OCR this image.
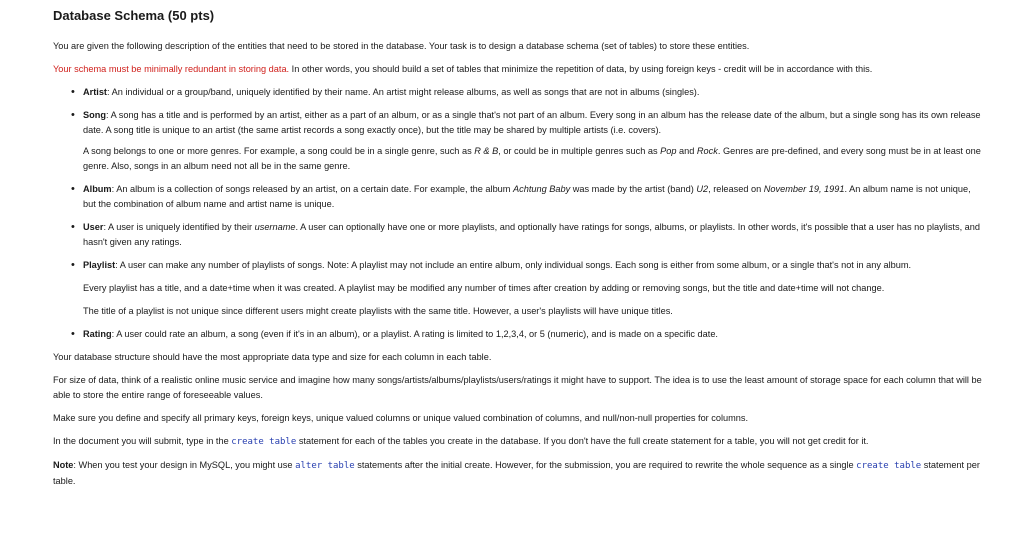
Database Schema (50 pts)

You are given the following description of the entities that need to be stored in the database. Your task is to design a database schema (set of tables) to store these entities.

Your schema must be minimally redundant in storing data. In other words, you should build a set of tables that minimize the repetition of data, by using foreign keys - credit will be in accordance with this.

• Artist: An individual or a group/band, uniquely identified by their name. An artist might release albums, as well as songs that are not in albums (singles).
• Song: A song has a title and is performed by an artist, either as a part of an album, or as a single that's not part of an album. Every song in an album has the release date of the album, but a single song has its own release date. A song title is unique to an artist (the same artist records a song exactly once), but the title may be shared by multiple artists (i.e. covers).

A song belongs to one or more genres. For example, a song could be in a single genre, such as R & B, or could be in multiple genres such as Pop and Rock. Genres are pre-defined, and every song must be in at least one genre. Also, songs in an album need not all be in the same genre.

• Album: An album is a collection of songs released by an artist, on a certain date. For example, the album Achtung Baby was made by the artist (band) U2, released on November 19, 1991. An album name is not unique, but the combination of album name and artist name is unique.
• User: A user is uniquely identified by their username. A user can optionally have one or more playlists, and optionally have ratings for songs, albums, or playlists. In other words, it's possible that a user has no playlists, and hasn't given any ratings.
• Playlist: A user can make any number of playlists of songs. Note: A playlist may not include an entire album, only individual songs. Each song is either from some album, or a single that's not in any album.

Every playlist has a title, and a date+time when it was created. A playlist may be modified any number of times after creation by adding or removing songs, but the title and date+time will not change.

The title of a playlist is not unique since different users might create playlists with the same title. However, a user's playlists will have unique titles.

• Rating: A user could rate an album, a song (even if it's in an album), or a playlist. A rating is limited to 1,2,3,4, or 5 (numeric), and is made on a specific date.

Your database structure should have the most appropriate data type and size for each column in each table.

For size of data, think of a realistic online music service and imagine how many songs/artists/albums/playlists/users/ratings it might have to support. The idea is to use the least amount of storage space for each column that will be able to store the entire range of foreseeable values.

Make sure you define and specify all primary keys, foreign keys, unique valued columns or unique valued combination of columns, and null/non-null properties for columns.

In the document you will submit, type in the create table statement for each of the tables you create in the database. If you don't have the full create statement for a table, you will not get credit for it.

Note: When you test your design in MySQL, you might use alter table statements after the initial create. However, for the submission, you are required to rewrite the whole sequence as a single create table statement per table.
